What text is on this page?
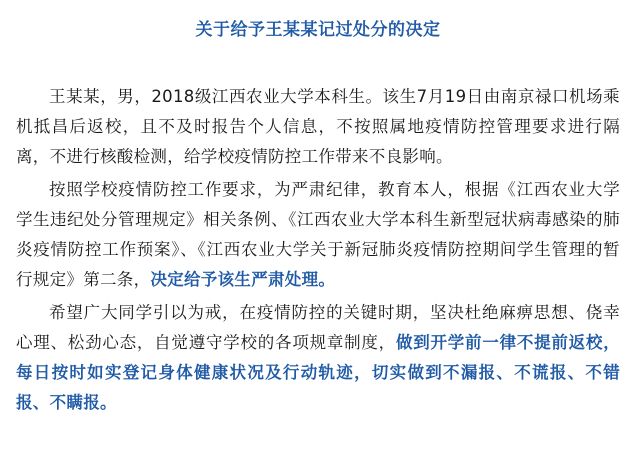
关于给予王某某记过处分的决定

王某某，男，2018级江西农业大学本科生。该生7月19日由南京禄口机场乘机抵昌后返校，且不及时报告个人信息，不按照属地疫情防控管理要求进行隔离，不进行核酸检测，给学校疫情防控工作带来不良影响。

按照学校疫情防控工作要求，为严肃纪律，教育本人，根据《江西农业大学学生违纪处分管理规定》相关条例、《江西农业大学本科生新型冠状病毒感染的肺炎疫情防控工作预案》、《江西农业大学关于新冠肺炎疫情防控期间学生管理的暂行规定》第二条，决定给予该生严肃处理。

希望广大同学引以为戒，在疫情防控的关键时期，坚决杜绝麻痹思想、侥幸心理、松劲心态，自觉遵守学校的各项规章制度，做到开学前一律不提前返校，每日按时如实登记身体健康状况及行动轨迹，切实做到不漏报、不谎报、不错报、不瞒报。
